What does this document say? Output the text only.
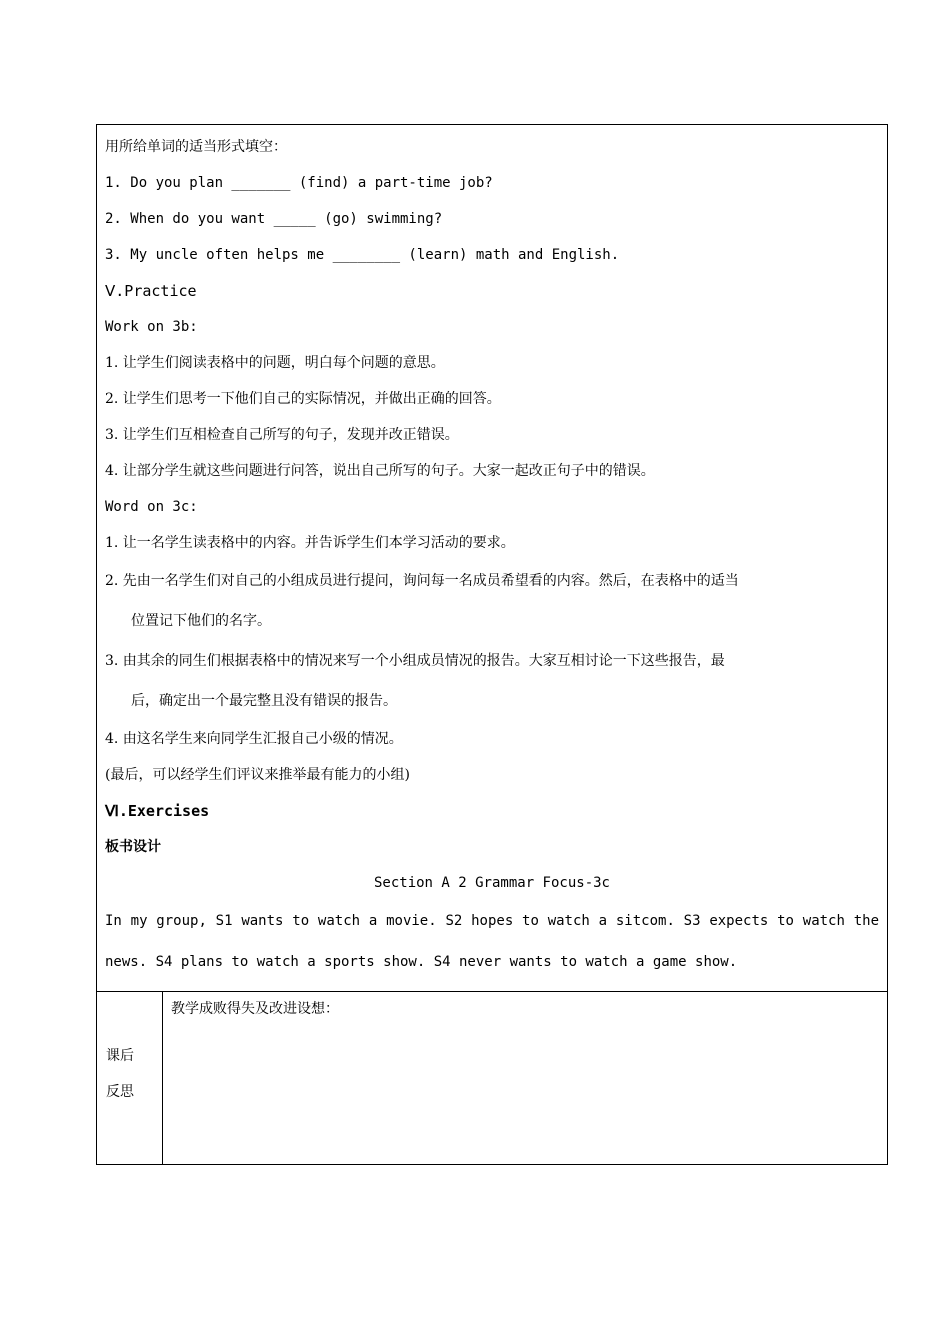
用所给单词的适当形式填空：
1. Do you plan _______ (find) a part-time job?
2. When do you want _____ (go) swimming?
3. My uncle often helps me ________ (learn) math and English.
Ⅴ.Practice
Work on 3b:
1. 让学生们阅读表格中的问题，明白每个问题的意思。
2. 让学生们思考一下他们自己的实际情况，并做出正确的回答。
3. 让学生们互相检查自己所写的句子，发现并改正错误。
4. 让部分学生就这些问题进行问答，说出自己所写的句子。大家一起改正句子中的错误。
Word on 3c:
1. 让一名学生读表格中的内容。并告诉学生们本学习活动的要求。
2. 先由一名学生们对自己的小组成员进行提问，询问每一名成员希望看的内容。然后，在表格中的适当
位置记下他们的名字。
3. 由其余的同生们根据表格中的情况来写一个小组成员情况的报告。大家互相讨论一下这些报告，最
后，确定出一个最完整且没有错误的报告。
4. 由这名学生来向同学生汇报自己小级的情况。
(最后，可以经学生们评议来推举最有能力的小组)
Ⅵ.Exercises
板书设计
Section A 2 Grammar Focus-3c
In my group, S1 wants to watch a movie. S2 hopes to watch a sitcom. S3 expects to watch the news. S4 plans to watch a sports show. S4 never wants to watch a game show.
课后
反思
教学成败得失及改进设想：
